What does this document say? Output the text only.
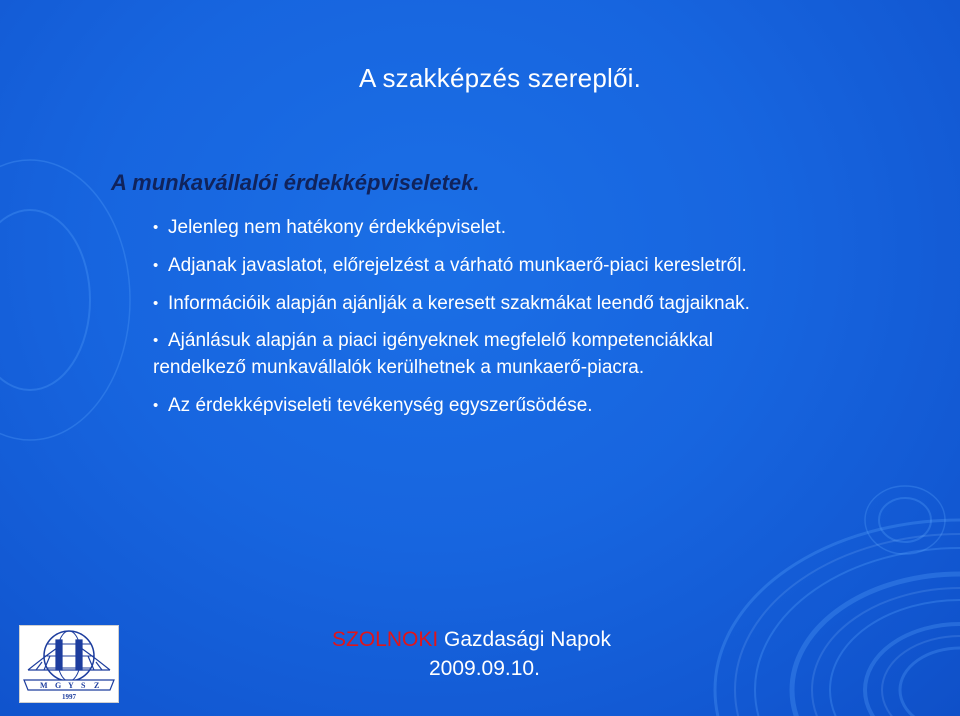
A szakképzés szereplői.
A munkavállalói érdekképviseletek.
• Jelenleg nem hatékony érdekképviselet.
• Adjanak javaslatot, előrejelzést a várható munkaerő-piaci keresletről.
• Információik alapján ajánlják a keresett szakmákat leendő tagjaiknak.
• Ajánlásuk alapján a piaci igényeknek megfelelő kompetenciákkal
rendelkező munkavállalók kerülhetnek a munkaerő-piacra.
• Az érdekképviseleti tevékenység egyszerűsödése.
M G Y S Z
1997
SZOLNOKI Gazdasági Napok
2009.09.10.
